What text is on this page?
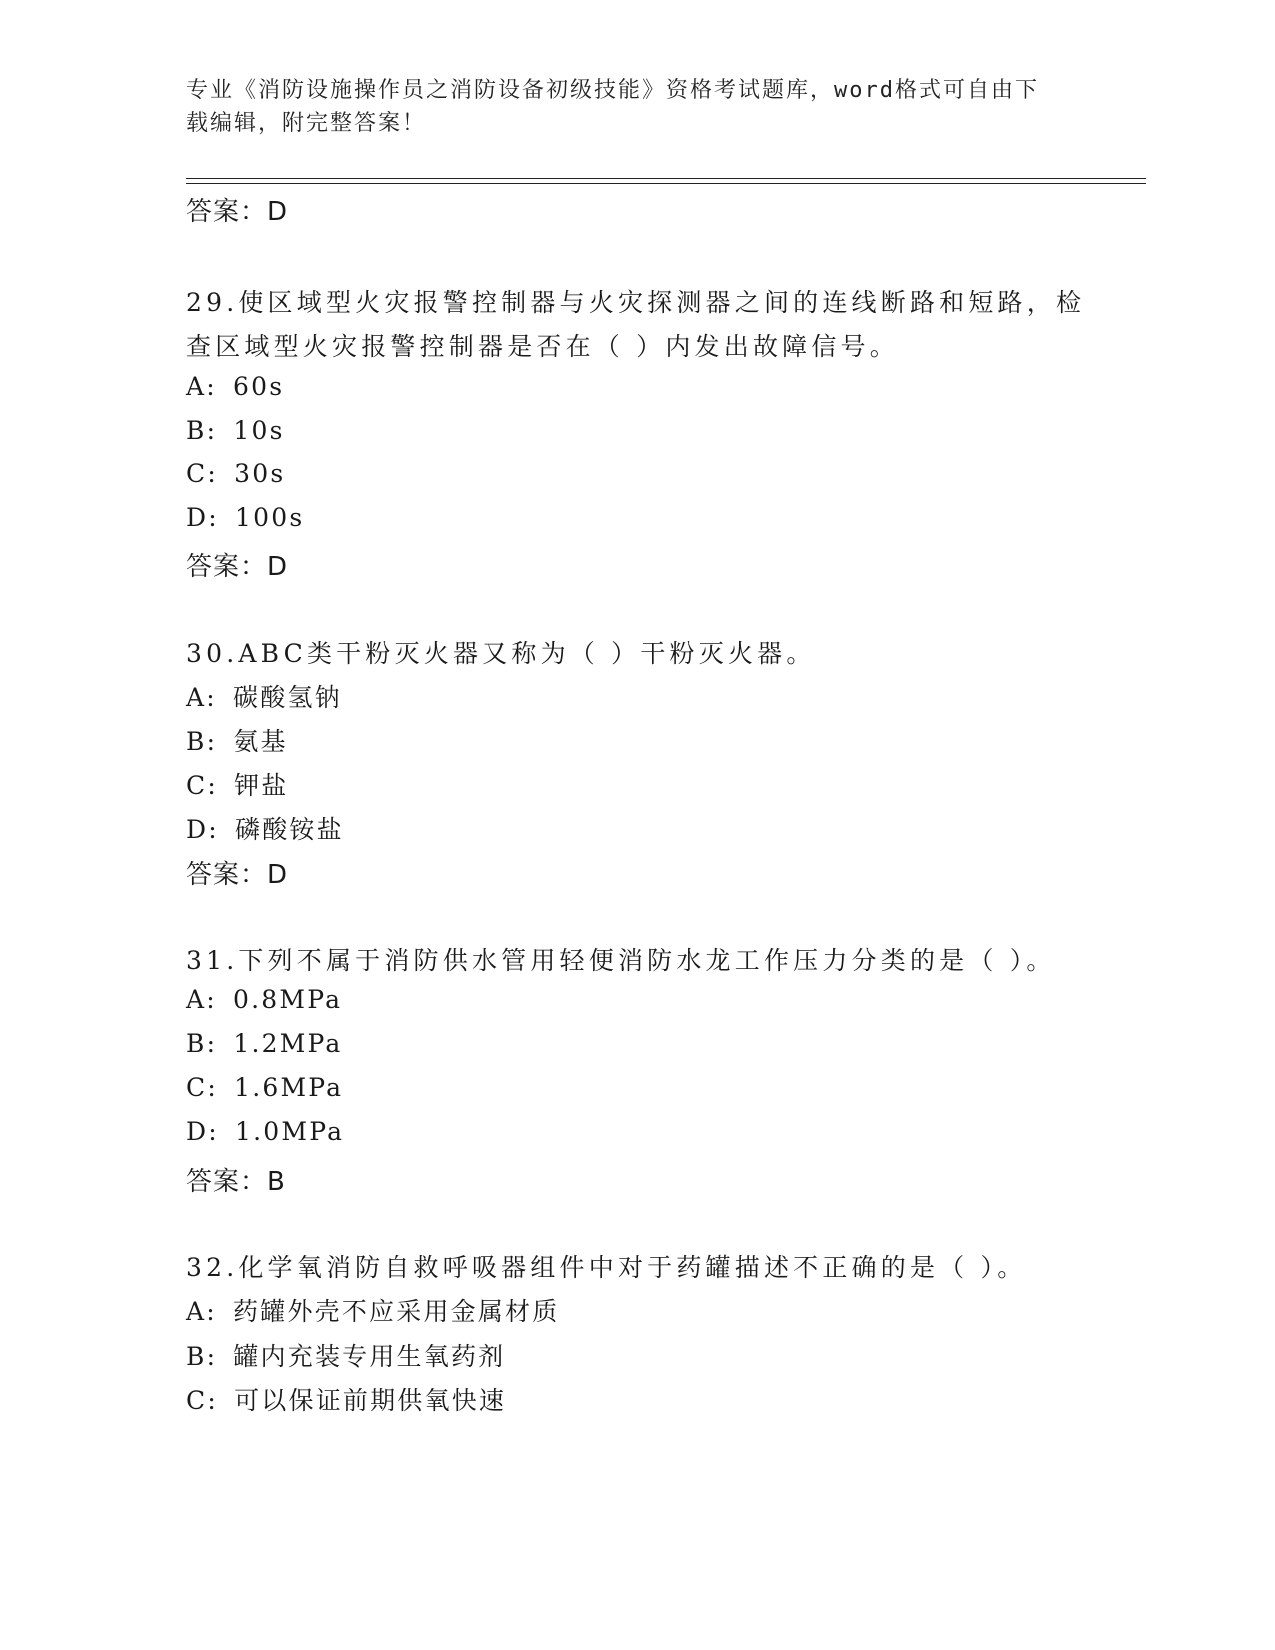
专业《消防设施操作员之消防设备初级技能》资格考试题库，word格式可自由下
载编辑，附完整答案！
答案：D
29.使区域型火灾报警控制器与火灾探测器之间的连线断路和短路，检
查区域型火灾报警控制器是否在（ ）内发出故障信号。
A: 60s
B: 10s
C: 30s
D: 100s
答案：D
30.ABC类干粉灭火器又称为（ ）干粉灭火器。
A: 碳酸氢钠
B: 氨基
C: 钾盐
D: 磷酸铵盐
答案：D
31.下列不属于消防供水管用轻便消防水龙工作压力分类的是（ ）。
A: 0.8MPa
B: 1.2MPa
C: 1.6MPa
D: 1.0MPa
答案：B
32.化学氧消防自救呼吸器组件中对于药罐描述不正确的是（ ）。
A: 药罐外壳不应采用金属材质
B: 罐内充装专用生氧药剂
C: 可以保证前期供氧快速
